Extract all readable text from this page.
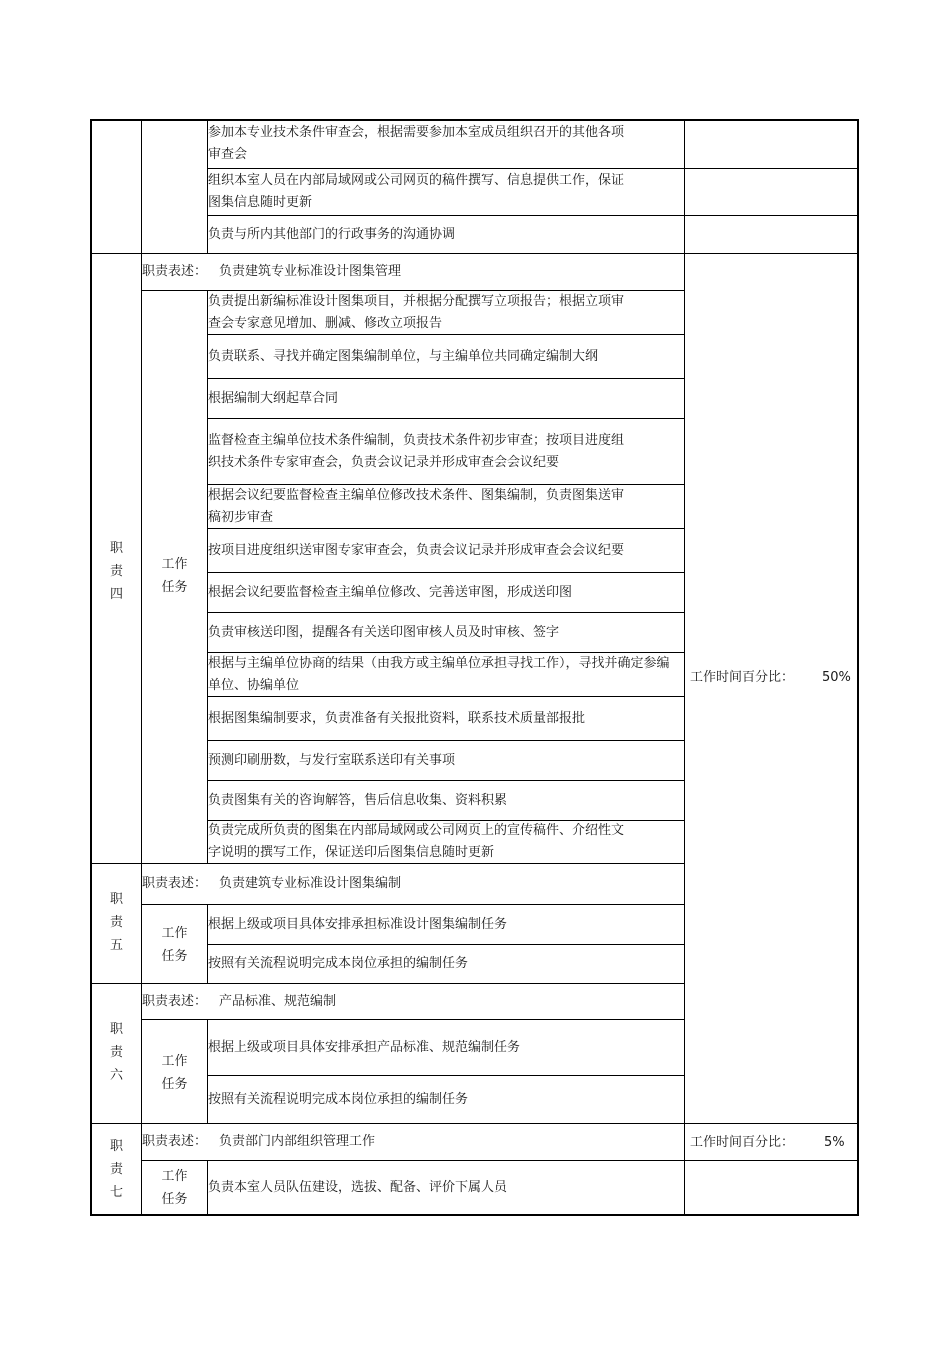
参加本专业技术条件审查会，根据需要参加本室成员组织召开的其他各项审查会
组织本室人员在内部局域网或公司网页的稿件撰写、信息提供工作，保证图集信息随时更新
负责与所内其他部门的行政事务的沟通协调
职
责
四
职责表述： 负责建筑专业标准设计图集管理
工作
任务
工作时间百分比： 50%
负责提出新编标准设计图集项目，并根据分配撰写立项报告；根据立项审查会专家意见增加、删减、修改立项报告
负责联系、寻找并确定图集编制单位，与主编单位共同确定编制大纲
根据编制大纲起草合同
监督检查主编单位技术条件编制，负责技术条件初步审查；按项目进度组织技术条件专家审查会，负责会议记录并形成审查会会议纪要
根据会议纪要监督检查主编单位修改技术条件、图集编制，负责图集送审稿初步审查
按项目进度组织送审图专家审查会，负责会议记录并形成审查会会议纪要
根据会议纪要监督检查主编单位修改、完善送审图，形成送印图
负责审核送印图，提醒各有关送印图审核人员及时审核、签字
根据与主编单位协商的结果（由我方或主编单位承担寻找工作），寻找并确定参编单位、协编单位
根据图集编制要求，负责准备有关报批资料，联系技术质量部报批
预测印刷册数，与发行室联系送印有关事项
负责图集有关的咨询解答，售后信息收集、资料积累
负责完成所负责的图集在内部局域网或公司网页上的宣传稿件、介绍性文字说明的撰写工作，保证送印后图集信息随时更新
职
责
五
职责表述： 负责建筑专业标准设计图集编制
工作
任务
根据上级或项目具体安排承担标准设计图集编制任务
按照有关流程说明完成本岗位承担的编制任务
职
责
六
职责表述： 产品标准、规范编制
工作
任务
根据上级或项目具体安排承担产品标准、规范编制任务
按照有关流程说明完成本岗位承担的编制任务
职
责
七
职责表述： 负责部门内部组织管理工作	工作时间百分比： 5%
工作
任务
负责本室人员队伍建设，选拔、配备、评价下属人员
